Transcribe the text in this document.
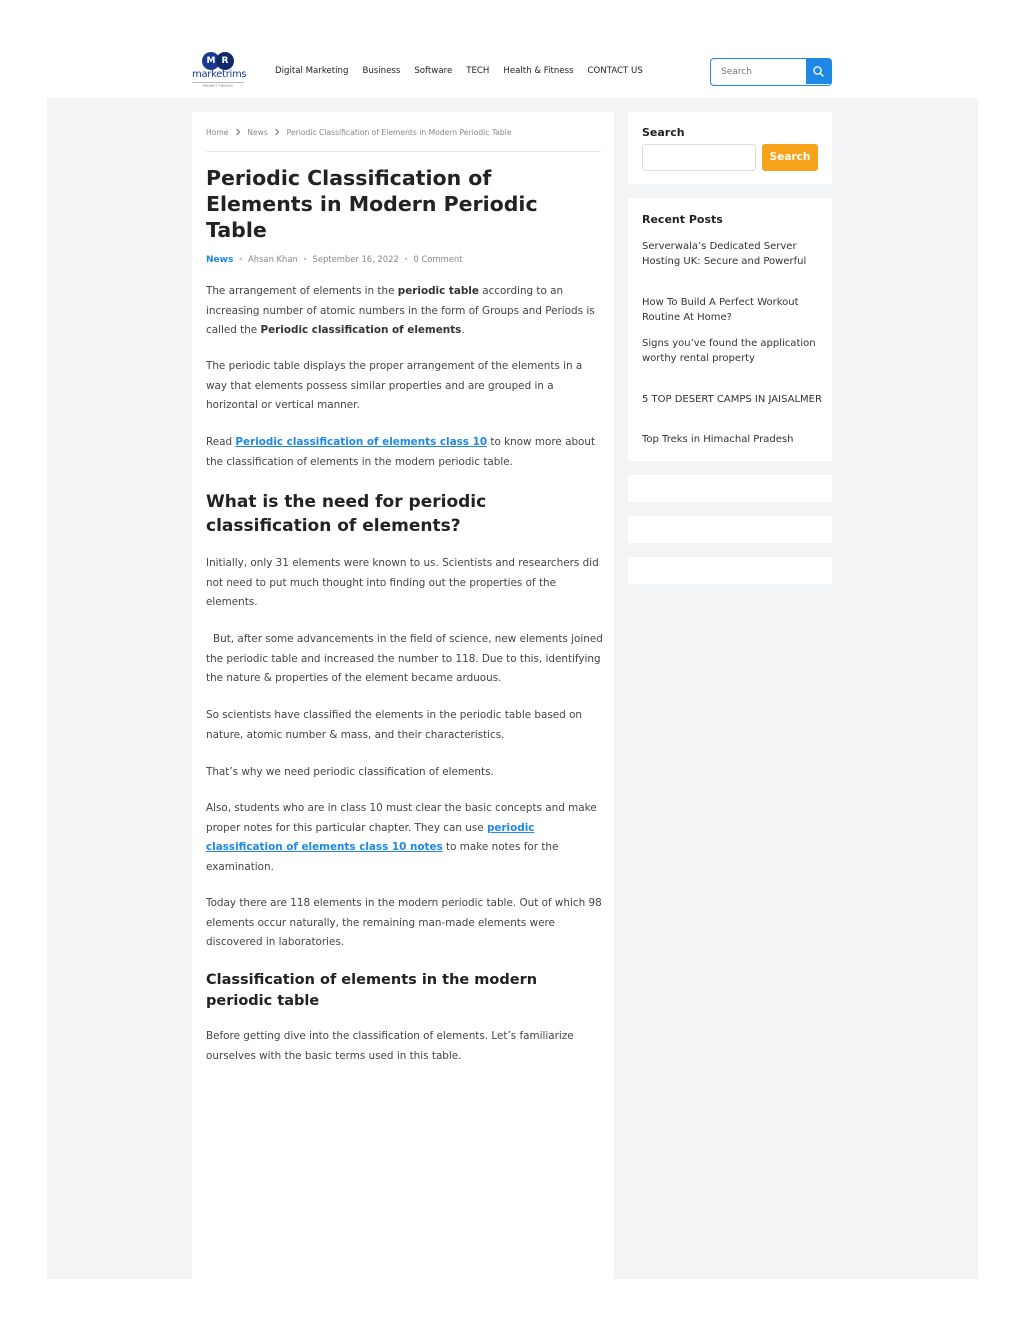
M R
marketrims
MARKET TRENDS
Digital Marketing Business Software TECH Health & Fitness CONTACT US
Search
Home News Periodic Classification of Elements in Modern Periodic Table
Periodic Classification of Elements in Modern Periodic Table
News • Ahsan Khan • September 16, 2022 • 0 Comment

The arrangement of elements in the periodic table according to an increasing number of atomic numbers in the form of Groups and Periods is called the Periodic classification of elements.

The periodic table displays the proper arrangement of the elements in a way that elements possess similar properties and are grouped in a horizontal or vertical manner.

Read Periodic classification of elements class 10 to know more about the classification of elements in the modern periodic table.

What is the need for periodic classification of elements?

Initially, only 31 elements were known to us. Scientists and researchers did not need to put much thought into finding out the properties of the elements.

But, after some advancements in the field of science, new elements joined the periodic table and increased the number to 118. Due to this, identifying the nature & properties of the element became arduous.

So scientists have classified the elements in the periodic table based on nature, atomic number & mass, and their characteristics.

That’s why we need periodic classification of elements.

Also, students who are in class 10 must clear the basic concepts and make proper notes for this particular chapter. They can use periodic classification of elements class 10 notes to make notes for the examination.

Today there are 118 elements in the modern periodic table. Out of which 98 elements occur naturally, the remaining man-made elements were discovered in laboratories.

Classification of elements in the modern periodic table

Before getting dive into the classification of elements. Let’s familiarize ourselves with the basic terms used in this table.

Search
Search
Recent Posts
Serverwala’s Dedicated Server Hosting UK: Secure and Powerful
How To Build A Perfect Workout Routine At Home?
Signs you’ve found the application worthy rental property
5 TOP DESERT CAMPS IN JAISALMER
Top Treks in Himachal Pradesh
